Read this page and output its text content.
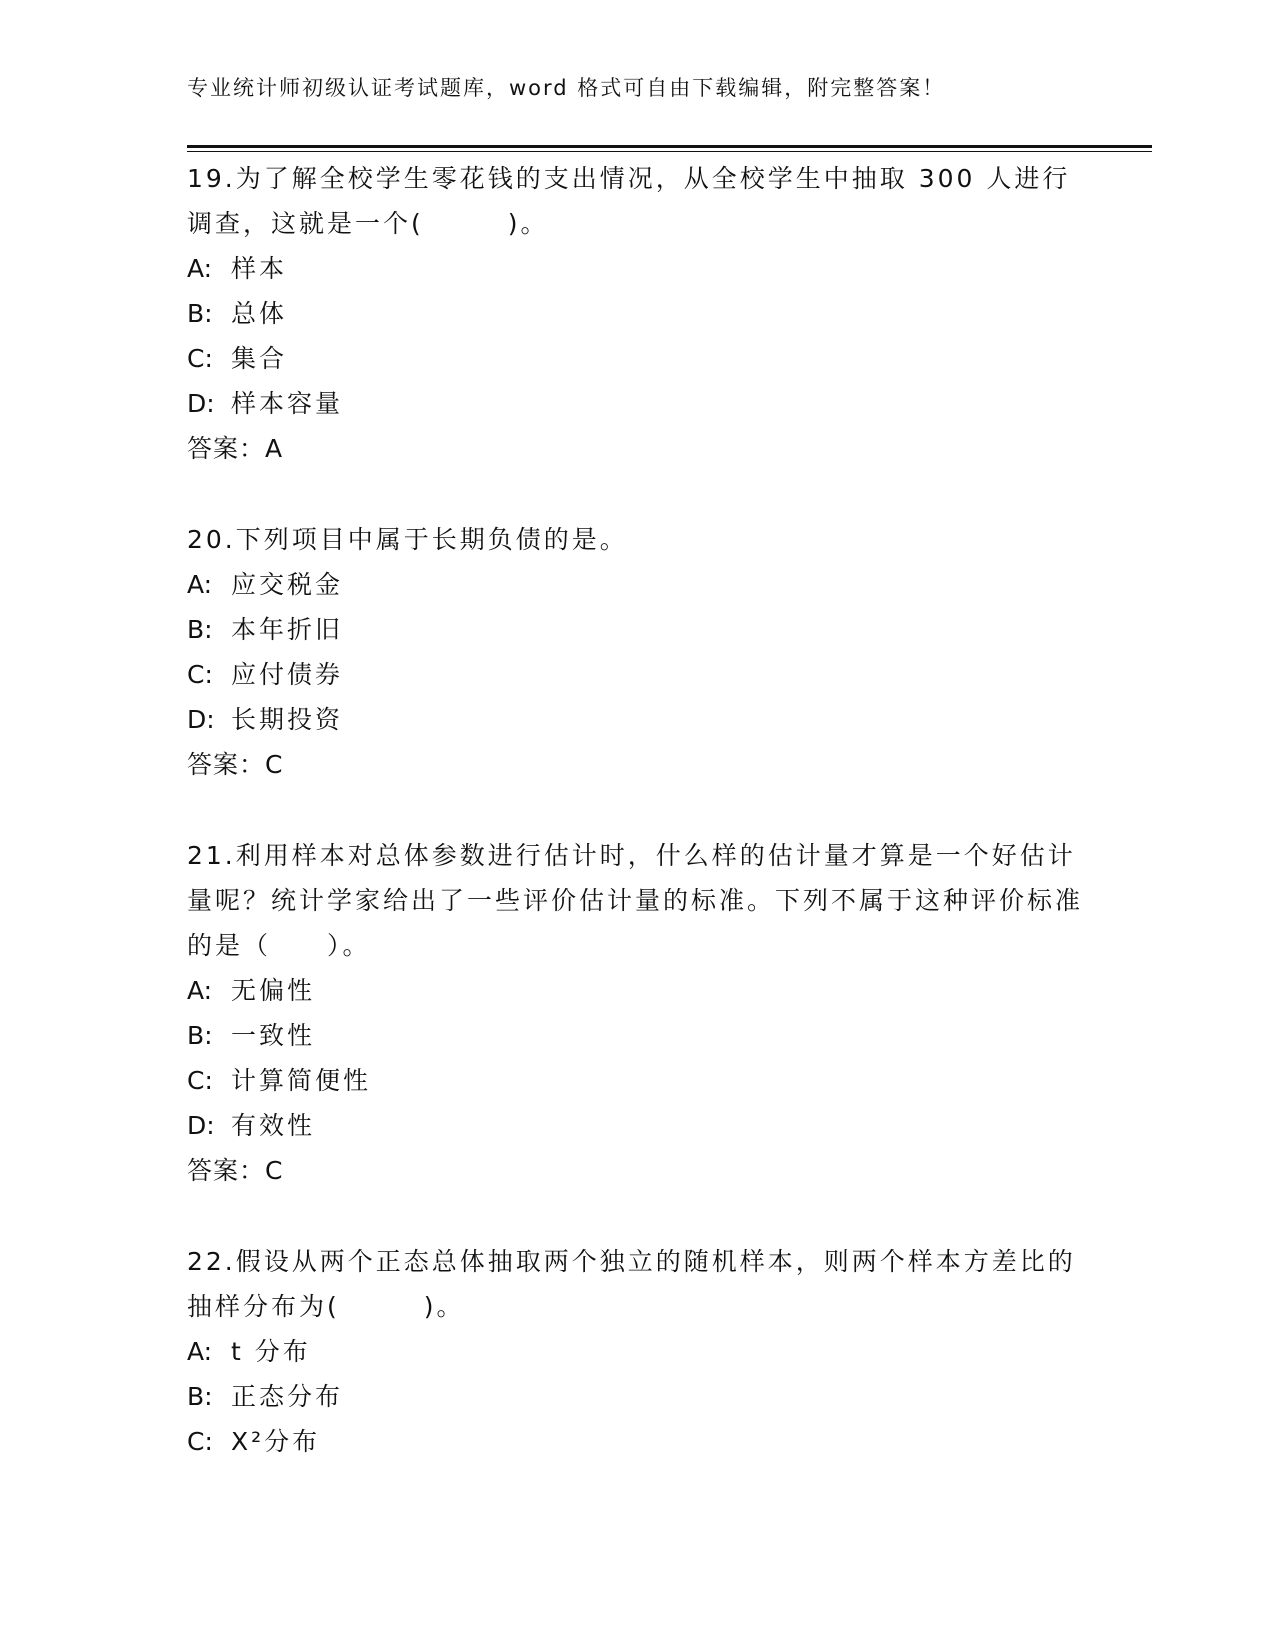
专业统计师初级认证考试题库，word 格式可自由下载编辑，附完整答案！

19.为了解全校学生零花钱的支出情况，从全校学生中抽取 300 人进行调查，这就是一个(　　　)。

A: 样本

B: 总体

C: 集合

D: 样本容量

答案：A

20.下列项目中属于长期负债的是。

A: 应交税金

B: 本年折旧

C: 应付债券

D: 长期投资

答案：C

21.利用样本对总体参数进行估计时，什么样的估计量才算是一个好估计量呢？统计学家给出了一些评价估计量的标准。下列不属于这种评价标准的是（　　）。

A: 无偏性

B: 一致性

C: 计算简便性

D: 有效性

答案：C

22.假设从两个正态总体抽取两个独立的随机样本，则两个样本方差比的抽样分布为(　　　)。

A: t 分布

B: 正态分布

C: X²分布
